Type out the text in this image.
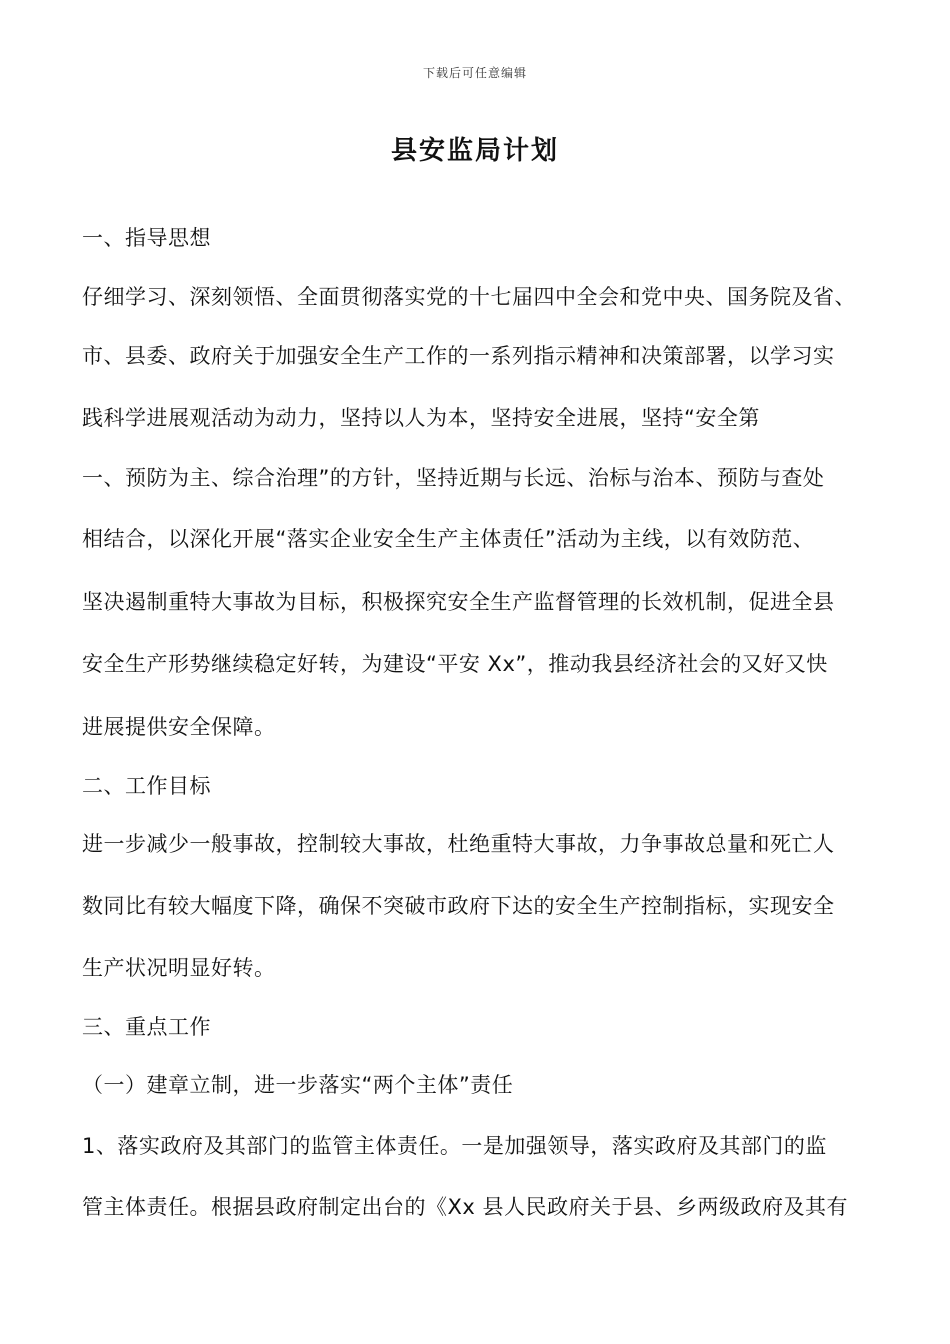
下载后可任意编辑
县安监局计划
一、指导思想
仔细学习、深刻领悟、全面贯彻落实党的十七届四中全会和党中央、国务院及省、
市、县委、政府关于加强安全生产工作的一系列指示精神和决策部署，以学习实
践科学进展观活动为动力，坚持以人为本，坚持安全进展，坚持“安全第
一、预防为主、综合治理”的方针，坚持近期与长远、治标与治本、预防与查处
相结合，以深化开展“落实企业安全生产主体责任”活动为主线，以有效防范、
坚决遏制重特大事故为目标，积极探究安全生产监督管理的长效机制，促进全县
安全生产形势继续稳定好转，为建设“平安 Xx”，推动我县经济社会的又好又快
进展提供安全保障。
二、工作目标
进一步减少一般事故，控制较大事故，杜绝重特大事故，力争事故总量和死亡人
数同比有较大幅度下降，确保不突破市政府下达的安全生产控制指标，实现安全
生产状况明显好转。
三、重点工作
（一）建章立制，进一步落实“两个主体”责任
1、落实政府及其部门的监管主体责任。一是加强领导，落实政府及其部门的监
管主体责任。根据县政府制定出台的《Xx 县人民政府关于县、乡两级政府及其有
